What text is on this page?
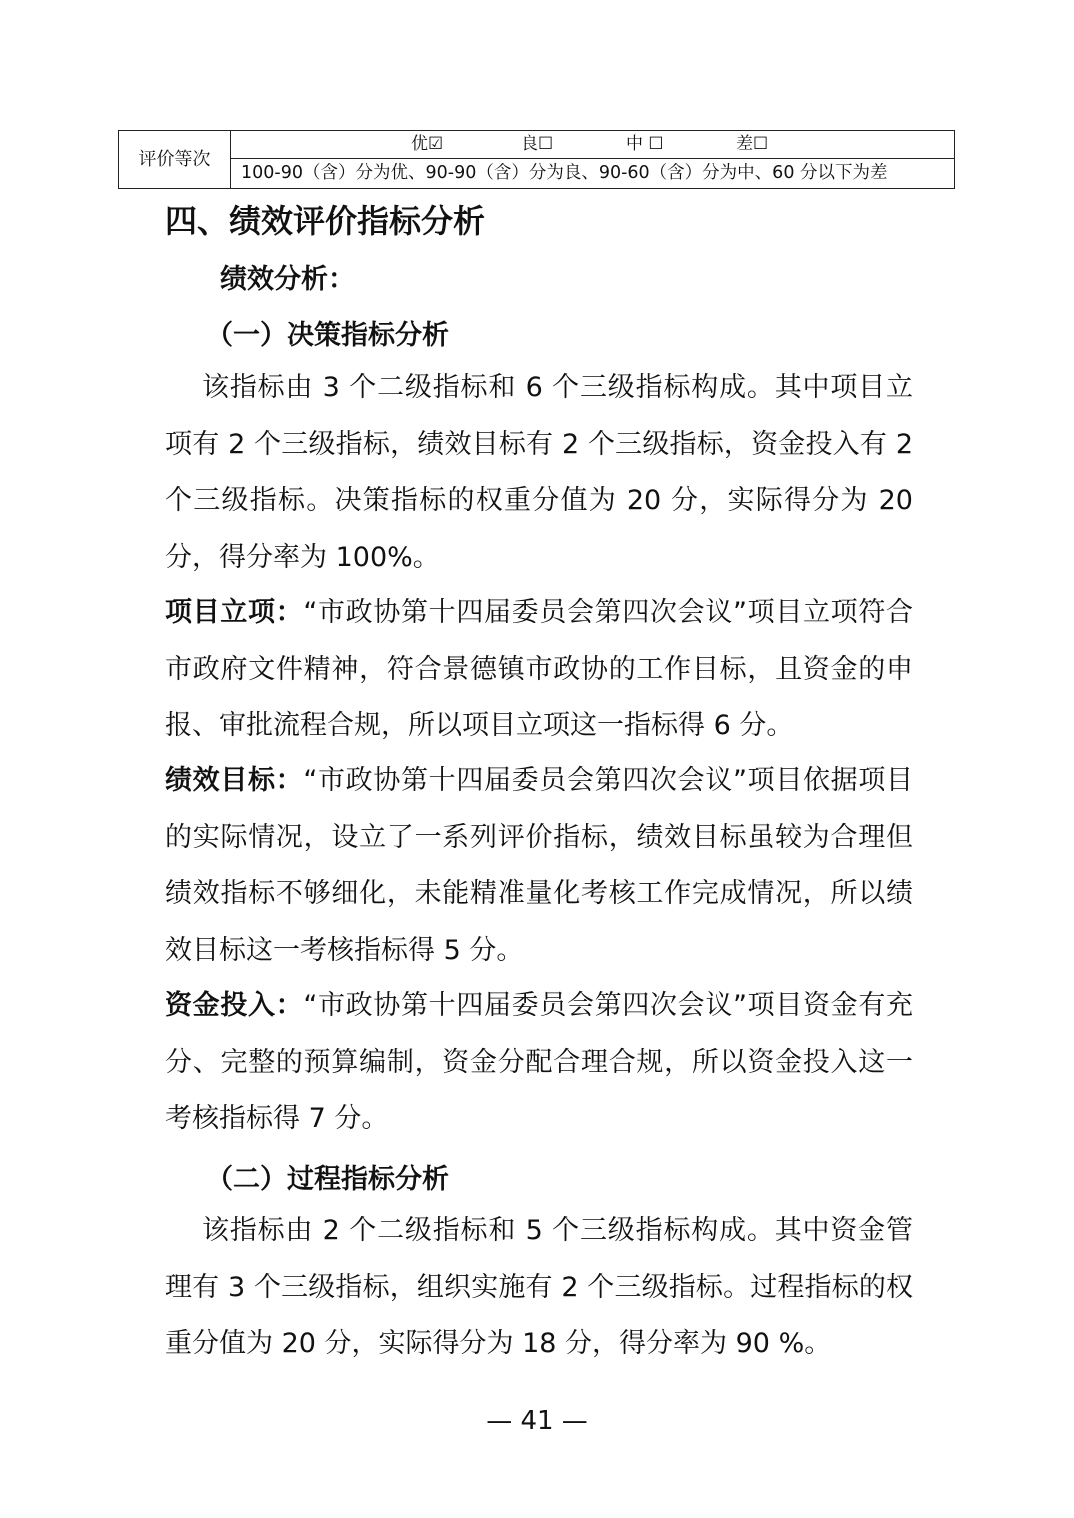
评价等次	
优☑	良☐	中 ☐	差☐

100-90（含）分为优、90-90（含）分为良、90-60（含）分为中、60 分以下为差
四、绩效评价指标分析
绩效分析：
（一）决策指标分析

该指标由 3 个二级指标和 6 个三级指标构成。其中项目立项有 2 个三级指标，绩效目标有 2 个三级指标，资金投入有 2 个三级指标。决策指标的权重分值为 20 分，实际得分为 20 分，得分率为 100%。

项目立项：“市政协第十四届委员会第四次会议”项目立项符合市政府文件精神，符合景德镇市政协的工作目标，且资金的申报、审批流程合规，所以项目立项这一指标得 6 分。

绩效目标：“市政协第十四届委员会第四次会议”项目依据项目的实际情况，设立了一系列评价指标，绩效目标虽较为合理但绩效指标不够细化，未能精准量化考核工作完成情况，所以绩效目标这一考核指标得 5 分。

资金投入：“市政协第十四届委员会第四次会议”项目资金有充分、完整的预算编制，资金分配合理合规，所以资金投入这一考核指标得 7 分。

（二）过程指标分析

该指标由 2 个二级指标和 5 个三级指标构成。其中资金管理有 3 个三级指标，组织实施有 2 个三级指标。过程指标的权重分值为 20 分，实际得分为 18 分，得分率为 90 %。

— 41 —
